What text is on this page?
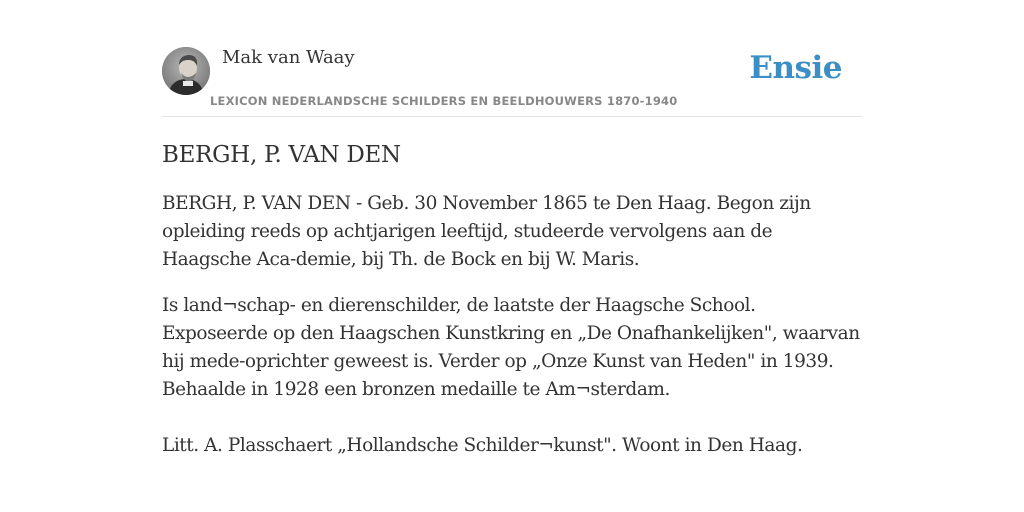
Mak van Waay
LEXICON NEDERLANDSCHE SCHILDERS EN BEELDHOUWERS 1870-1940
Ensie
BERGH, P. VAN DEN

BERGH, P. VAN DEN - Geb. 30 November 1865 te Den Haag. Begon zijn opleiding reeds op achtjarigen leeftijd, studeerde vervolgens aan de Haagsche Aca-demie, bij Th. de Bock en bij W. Maris.

Is land¬schap- en dierenschilder, de laatste der Haagsche School. Exposeerde op den Haagschen Kunstkring en „De Onafhankelijken", waarvan hij mede-oprichter geweest is. Verder op „Onze Kunst van Heden" in 1939. Behaalde in 1928 een bronzen medaille te Am¬sterdam.

Litt. A. Plasschaert „Hollandsche Schilder¬kunst". Woont in Den Haag.
